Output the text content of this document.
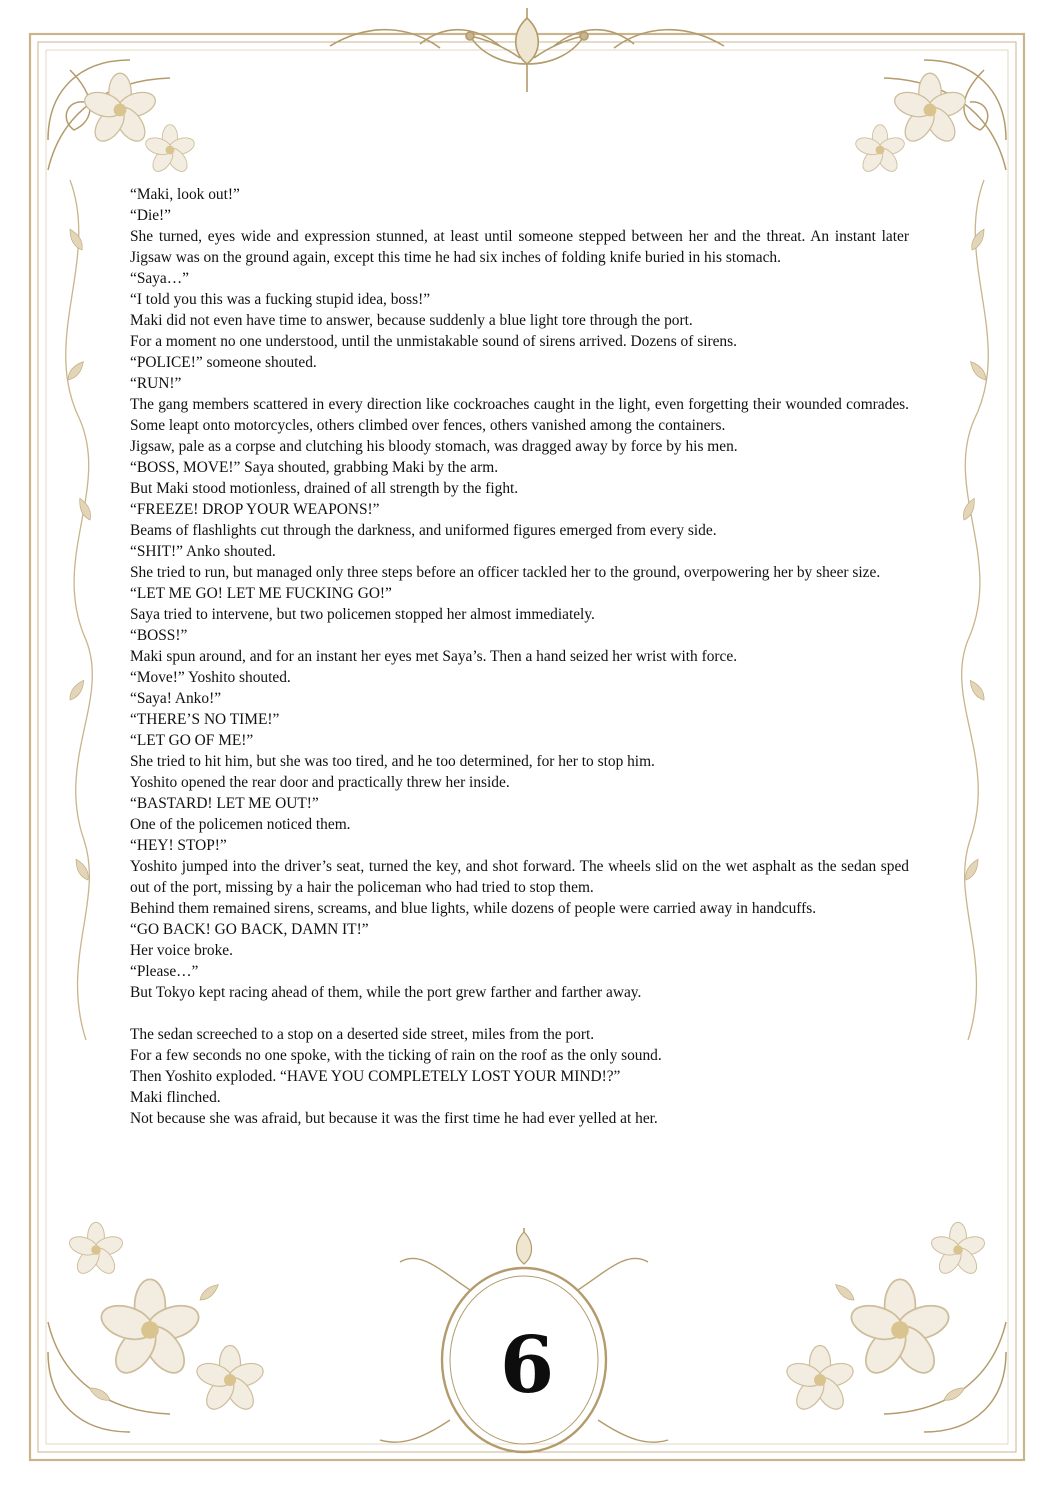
“Maki, look out!”

“Die!”

She turned, eyes wide and expression stunned, at least until someone stepped between her and the threat. An instant later Jigsaw was on the ground again, except this time he had six inches of folding knife buried in his stomach.

“Saya…”

“I told you this was a fucking stupid idea, boss!”

Maki did not even have time to answer, because suddenly a blue light tore through the port.

For a moment no one understood, until the unmistakable sound of sirens arrived. Dozens of sirens.

“POLICE!” someone shouted.

“RUN!”

The gang members scattered in every direction like cockroaches caught in the light, even forgetting their wounded comrades. Some leapt onto motorcycles, others climbed over fences, others vanished among the containers.

Jigsaw, pale as a corpse and clutching his bloody stomach, was dragged away by force by his men.

“BOSS, MOVE!” Saya shouted, grabbing Maki by the arm.

But Maki stood motionless, drained of all strength by the fight.

“FREEZE! DROP YOUR WEAPONS!”

Beams of flashlights cut through the darkness, and uniformed figures emerged from every side.

“SHIT!” Anko shouted.

She tried to run, but managed only three steps before an officer tackled her to the ground, overpowering her by sheer size.

“LET ME GO! LET ME FUCKING GO!”

Saya tried to intervene, but two policemen stopped her almost immediately.

“BOSS!”

Maki spun around, and for an instant her eyes met Saya’s. Then a hand seized her wrist with force.

“Move!” Yoshito shouted.

“Saya! Anko!”

“THERE’S NO TIME!”

“LET GO OF ME!”

She tried to hit him, but she was too tired, and he too determined, for her to stop him.

Yoshito opened the rear door and practically threw her inside.

“BASTARD! LET ME OUT!”

One of the policemen noticed them.

“HEY! STOP!”

Yoshito jumped into the driver’s seat, turned the key, and shot forward. The wheels slid on the wet asphalt as the sedan sped out of the port, missing by a hair the policeman who had tried to stop them.

Behind them remained sirens, screams, and blue lights, while dozens of people were carried away in handcuffs.

“GO BACK! GO BACK, DAMN IT!”

Her voice broke.

“Please…”

But Tokyo kept racing ahead of them, while the port grew farther and farther away.

The sedan screeched to a stop on a deserted side street, miles from the port.

For a few seconds no one spoke, with the ticking of rain on the roof as the only sound.

Then Yoshito exploded. “HAVE YOU COMPLETELY LOST YOUR MIND!?”

Maki flinched.

Not because she was afraid, but because it was the first time he had ever yelled at her.

6
